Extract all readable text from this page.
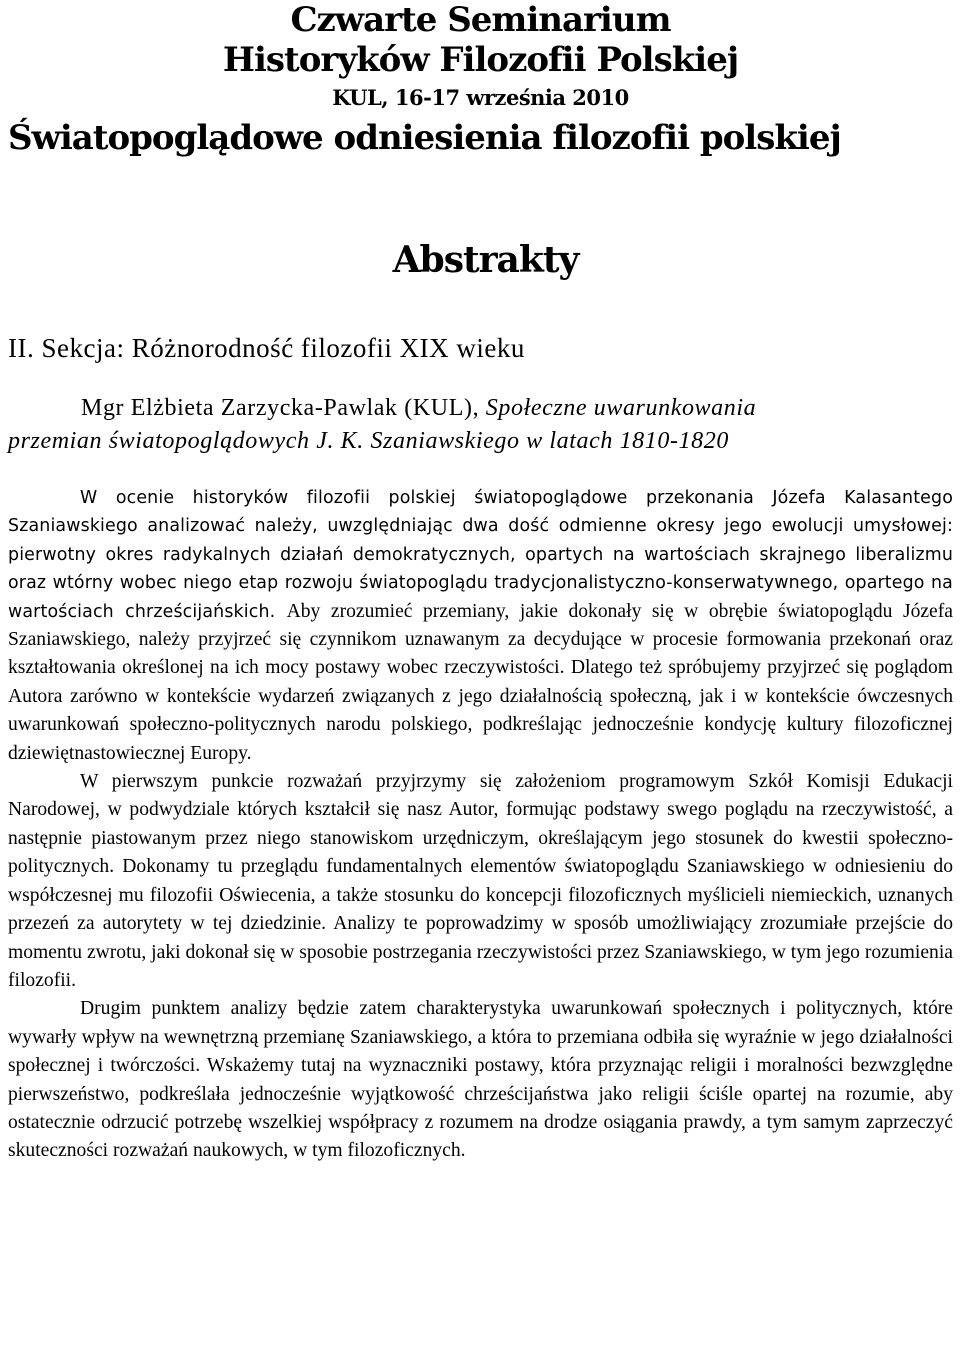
Czwarte Seminarium
Historyków Filozofii Polskiej
KUL, 16-17 września 2010
Światopoglądowe odniesienia filozofii polskiej
Abstrakty
II. Sekcja: Różnorodność filozofii XIX wieku
Mgr Elżbieta Zarzycka-Pawlak (KUL), Społeczne uwarunkowania
przemian światopoglądowych J. K. Szaniawskiego w latach 1810-1820

W ocenie historyków filozofii polskiej światopoglądowe przekonania Józefa Kalasantego Szaniawskiego analizować należy, uwzględniając dwa dość odmienne okresy jego ewolucji umysłowej: pierwotny okres radykalnych działań demokratycznych, opartych na wartościach skrajnego liberalizmu oraz wtórny wobec niego etap rozwoju światopoglądu tradycjonalistyczno-konserwatywnego, opartego na wartościach chrześcijańskich. Aby zrozumieć przemiany, jakie dokonały się w obrębie światopoglądu Józefa Szaniawskiego, należy przyjrzeć się czynnikom uznawanym za decydujące w procesie formowania przekonań oraz kształtowania określonej na ich mocy postawy wobec rzeczywistości. Dlatego też spróbujemy przyjrzeć się poglądom Autora zarówno w kontekście wydarzeń związanych z jego działalnością społeczną, jak i w kontekście ówczesnych uwarunkowań społeczno-politycznych narodu polskiego, podkreślając jednocześnie kondycję kultury filozoficznej dziewiętnastowiecznej Europy.

W pierwszym punkcie rozważań przyjrzymy się założeniom programowym Szkół Komisji Edukacji Narodowej, w podwydziale których kształcił się nasz Autor, formując podstawy swego poglądu na rzeczywistość, a następnie piastowanym przez niego stanowiskom urzędniczym, określającym jego stosunek do kwestii społeczno-politycznych. Dokonamy tu przeglądu fundamentalnych elementów światopoglądu Szaniawskiego w odniesieniu do współczesnej mu filozofii Oświecenia, a także stosunku do koncepcji filozoficznych myślicieli niemieckich, uznanych przezeń za autorytety w tej dziedzinie. Analizy te poprowadzimy w sposób umożliwiający zrozumiałe przejście do momentu zwrotu, jaki dokonał się w sposobie postrzegania rzeczywistości przez Szaniawskiego, w tym jego rozumienia filozofii.

Drugim punktem analizy będzie zatem charakterystyka uwarunkowań społecznych i politycznych, które wywarły wpływ na wewnętrzną przemianę Szaniawskiego, a która to przemiana odbiła się wyraźnie w jego działalności społecznej i twórczości. Wskażemy tutaj na wyznaczniki postawy, która przyznając religii i moralności bezwzględne pierwszeństwo, podkreślała jednocześnie wyjątkowość chrześcijaństwa jako religii ściśle opartej na rozumie, aby ostatecznie odrzucić potrzebę wszelkiej współpracy z rozumem na drodze osiągania prawdy, a tym samym zaprzeczyć skuteczności rozważań naukowych, w tym filozoficznych.
